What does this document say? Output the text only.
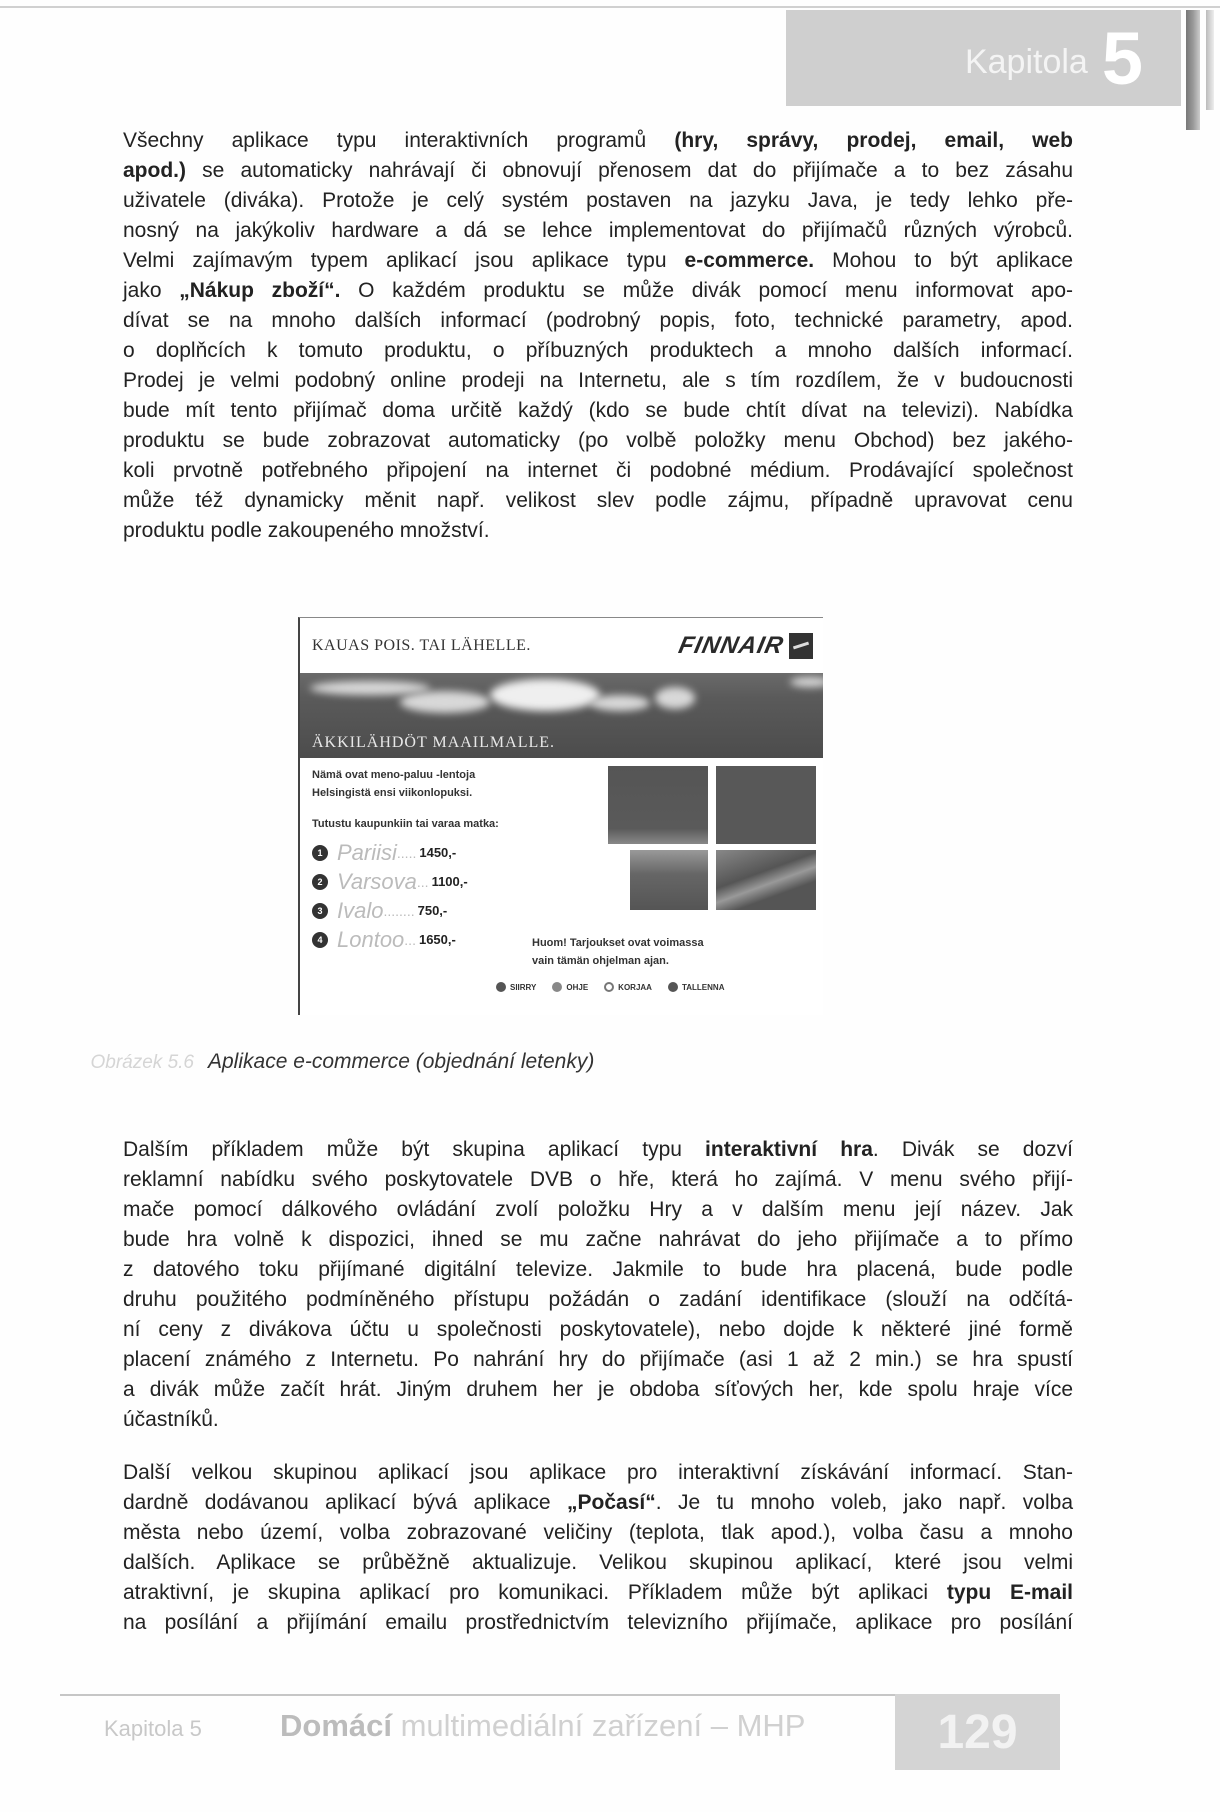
Kapitola 5
Všechny aplikace typu interaktivních programů (hry, správy, prodej, email, web
apod.) se automaticky nahrávají či obnovují přenosem dat do přijímače a to bez zásahu
uživatele (diváka). Protože je celý systém postaven na jazyku Java, je tedy lehko pře-
nosný na jakýkoliv hardware a dá se lehce implementovat do přijímačů různých výrobců.
Velmi zajímavým typem aplikací jsou aplikace typu e-commerce. Mohou to být aplikace
jako „Nákup zboží“. O každém produktu se může divák pomocí menu informovat apo-
dívat se na mnoho dalších informací (podrobný popis, foto, technické parametry, apod.
o doplňcích k tomuto produktu, o příbuzných produktech a mnoho dalších informací.
Prodej je velmi podobný online prodeji na Internetu, ale s tím rozdílem, že v budoucnosti
bude mít tento přijímač doma určitě každý (kdo se bude chtít dívat na televizi). Nabídka
produktu se bude zobrazovat automaticky (po volbě položky menu Obchod) bez jakého-
koli prvotně potřebného připojení na internet či podobné médium. Prodávající společnost
může též dynamicky měnit např. velikost slev podle zájmu, případně upravovat cenu
produktu podle zakoupeného množství.
KAUAS POIS. TAI LÄHELLE.	FINNAIR
ÄKKILÄHDÖT MAAILMALLE.
Nämä ovat meno-paluu -lentoja
Helsingistä ensi viikonlopuksi.
Tutustu kaupunkiin tai varaa matka:
1 Pariisi ..... 1450,-
2 Varsova ... 1100,-
3 Ivalo ........ 750,-
4 Lontoo ... 1650,-	Huom! Tarjoukset ovat voimassa
vain tämän ohjelman ajan.
SIIRRY	OHJE	KORJAA	TALLENNA
Obrázek 5.6 Aplikace e-commerce (objednání letenky)
Dalším příkladem může být skupina aplikací typu interaktivní hra. Divák se dozví
reklamní nabídku svého poskytovatele DVB o hře, která ho zajímá. V menu svého přijí-
mače pomocí dálkového ovládání zvolí položku Hry a v dalším menu její název. Jak
bude hra volně k dispozici, ihned se mu začne nahrávat do jeho přijímače a to přímo
z datového toku přijímané digitální televize. Jakmile to bude hra placená, bude podle
druhu použitého podmíněného přístupu požádán o zadání identifikace (slouží na odčítá-
ní ceny z divákova účtu u společnosti poskytovatele), nebo dojde k některé jiné formě
placení známého z Internetu. Po nahrání hry do přijímače (asi 1 až 2 min.) se hra spustí
a divák může začít hrát. Jiným druhem her je obdoba síťových her, kde spolu hraje více
účastníků.
Další velkou skupinou aplikací jsou aplikace pro interaktivní získávání informací. Stan-
dardně dodávanou aplikací bývá aplikace „Počasí“. Je tu mnoho voleb, jako např. volba
města nebo území, volba zobrazované veličiny (teplota, tlak apod.), volba času a mnoho
dalších. Aplikace se průběžně aktualizuje. Velikou skupinou aplikací, které jsou velmi
atraktivní, je skupina aplikací pro komunikaci. Příkladem může být aplikaci typu E-mail
na posílání a přijímání emailu prostřednictvím televizního přijímače, aplikace pro posílání
Kapitola 5	Domácí multimediální zařízení – MHP	129
